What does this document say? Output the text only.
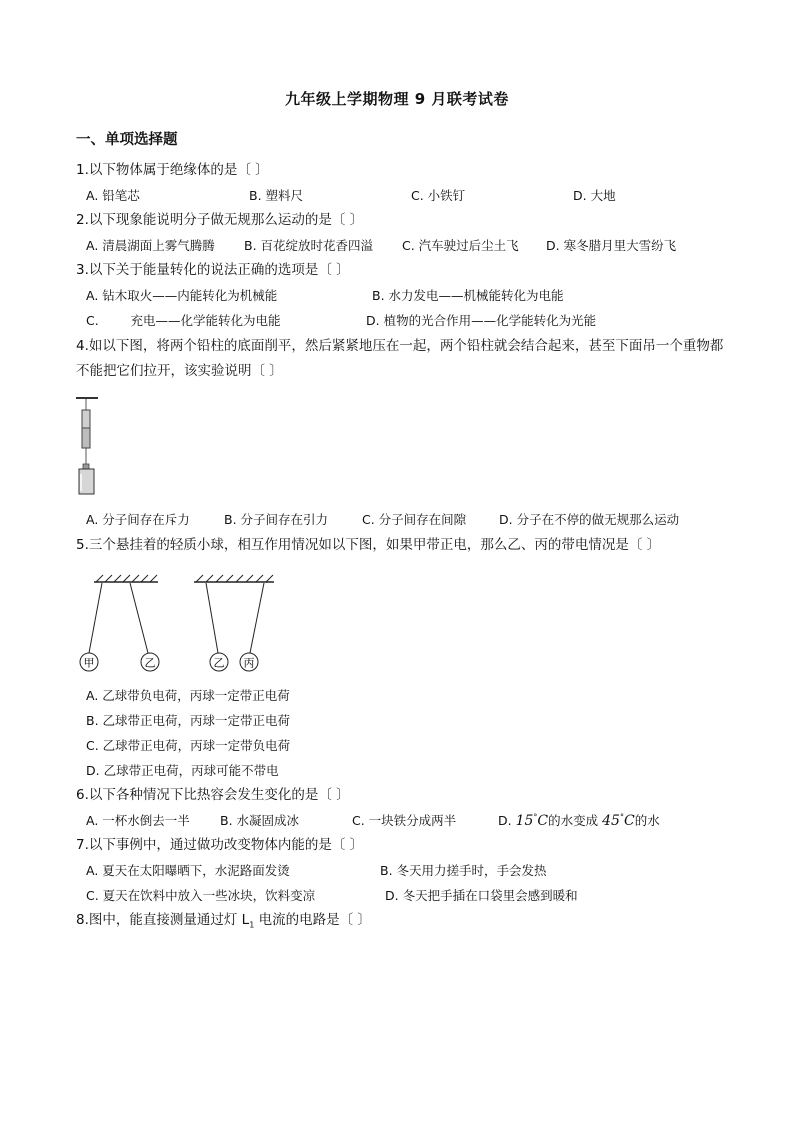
九年级上学期物理 9 月联考试卷
一、单项选择题
1.以下物体属于绝缘体的是〔 〕
A. 铅笔芯	B. 塑料尺	C. 小铁钉	D. 大地
2.以下现象能说明分子做无规那么运动的是〔 〕
A. 清晨湖面上雾气腾腾 B. 百花绽放时花香四溢 C. 汽车驶过后尘土飞 D. 寒冬腊月里大雪纷飞
3.以下关于能量转化的说法正确的选项是〔 〕
A. 钻木取火——内能转化为机械能	B. 水力发电——机械能转化为电能
C.        充电——化学能转化为电能	D. 植物的光合作用——化学能转化为光能
4.如以下图，将两个铅柱的底面削平，然后紧紧地压在一起，两个铅柱就会结合起来，甚至下面吊一个重物都不能把它们拉开，该实验说明〔 〕
A. 分子间存在斥力	B. 分子间存在引力	C. 分子间存在间隙	D. 分子在不停的做无规那么运动
5.三个悬挂着的轻质小球，相互作用情况如以下图，如果甲带正电，那么乙、丙的带电情况是〔 〕
甲	乙	乙 丙
A. 乙球带负电荷，丙球一定带正电荷
B. 乙球带正电荷，丙球一定带正电荷
C. 乙球带正电荷，丙球一定带负电荷
D. 乙球带正电荷，丙球可能不带电
6.以下各种情况下比热容会发生变化的是〔 〕
A. 一杯水倒去一半 B. 水凝固成冰	C. 一块铁分成两半	D. 15°C的水变成 45°C的水
7.以下事例中，通过做功改变物体内能的是〔 〕
A. 夏天在太阳曝晒下，水泥路面发烫	B. 冬天用力搓手时，手会发热
C. 夏天在饮料中放入一些冰块，饮料变凉	D. 冬天把手插在口袋里会感到暖和
8.图中，能直接测量通过灯 $L_1$ 电流的电路是〔 〕
